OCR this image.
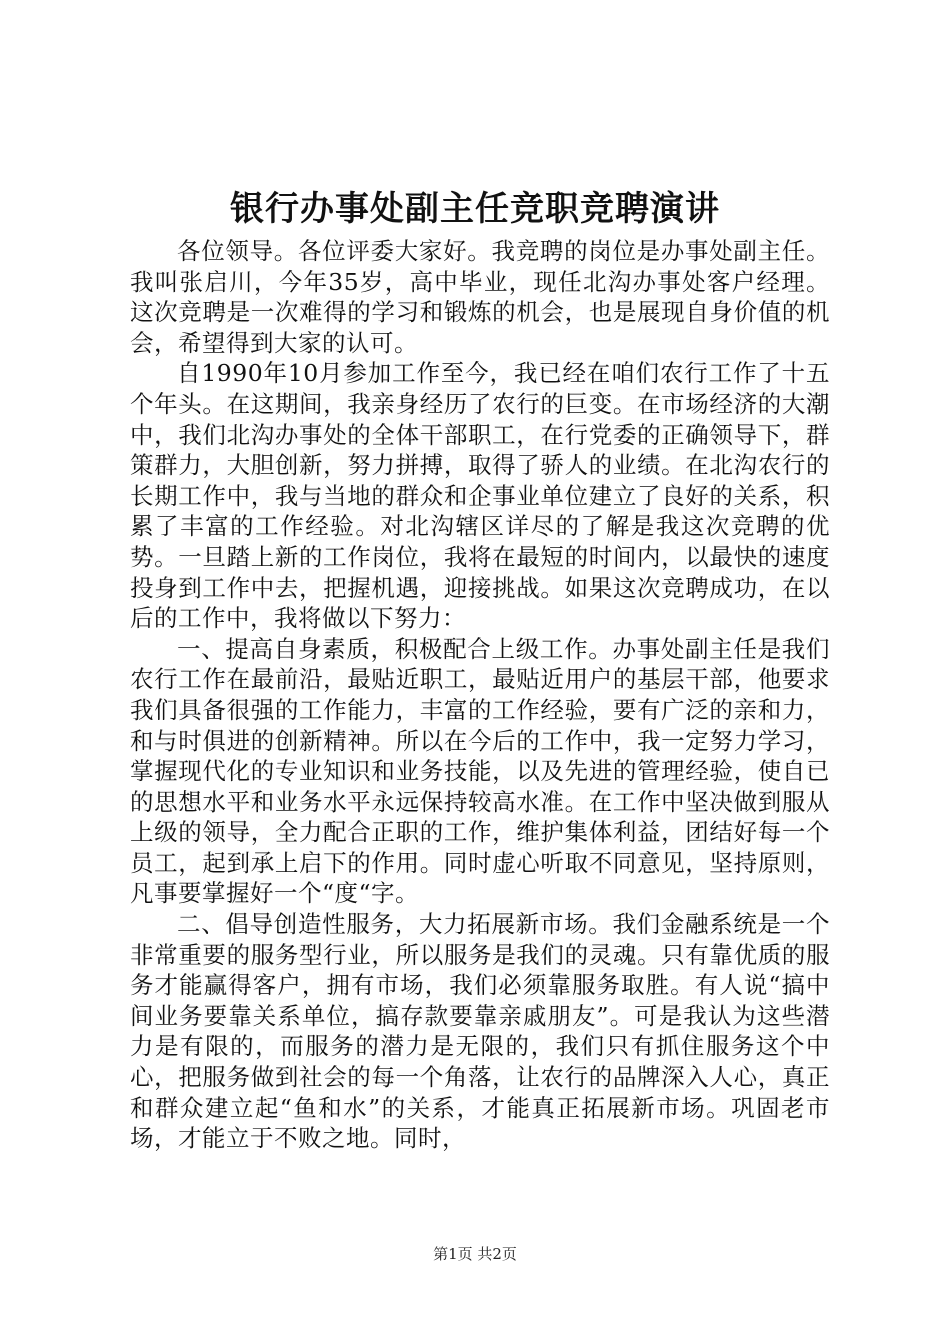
银行办事处副主任竞职竞聘演讲

各位领导。各位评委大家好。我竞聘的岗位是办事处副主任。我叫张启川，今年35岁，高中毕业，现任北沟办事处客户经理。这次竞聘是一次难得的学习和锻炼的机会，也是展现自身价值的机会，希望得到大家的认可。

自1990年10月参加工作至今，我已经在咱们农行工作了十五个年头。在这期间，我亲身经历了农行的巨变。在市场经济的大潮中，我们北沟办事处的全体干部职工，在行党委的正确领导下，群策群力，大胆创新，努力拼搏，取得了骄人的业绩。在北沟农行的长期工作中，我与当地的群众和企事业单位建立了良好的关系，积累了丰富的工作经验。对北沟辖区详尽的了解是我这次竞聘的优势。一旦踏上新的工作岗位，我将在最短的时间内，以最快的速度投身到工作中去，把握机遇，迎接挑战。如果这次竞聘成功，在以后的工作中，我将做以下努力：

一、提高自身素质，积极配合上级工作。办事处副主任是我们农行工作在最前沿，最贴近职工，最贴近用户的基层干部，他要求我们具备很强的工作能力，丰富的工作经验，要有广泛的亲和力，和与时俱进的创新精神。所以在今后的工作中，我一定努力学习，掌握现代化的专业知识和业务技能，以及先进的管理经验，使自已的思想水平和业务水平永远保持较高水准。在工作中坚决做到服从上级的领导，全力配合正职的工作，维护集体利益，团结好每一个员工，起到承上启下的作用。同时虚心听取不同意见，坚持原则，凡事要掌握好一个“度“字。

二、倡导创造性服务，大力拓展新市场。我们金融系统是一个非常重要的服务型行业，所以服务是我们的灵魂。只有靠优质的服务才能赢得客户，拥有市场，我们必须靠服务取胜。有人说“搞中间业务要靠关系单位，搞存款要靠亲戚朋友”。可是我认为这些潜力是有限的，而服务的潜力是无限的，我们只有抓住服务这个中心，把服务做到社会的每一个角落，让农行的品牌深入人心，真正和群众建立起“鱼和水”的关系，才能真正拓展新市场。巩固老市场，才能立于不败之地。同时，

第1页 共2页
